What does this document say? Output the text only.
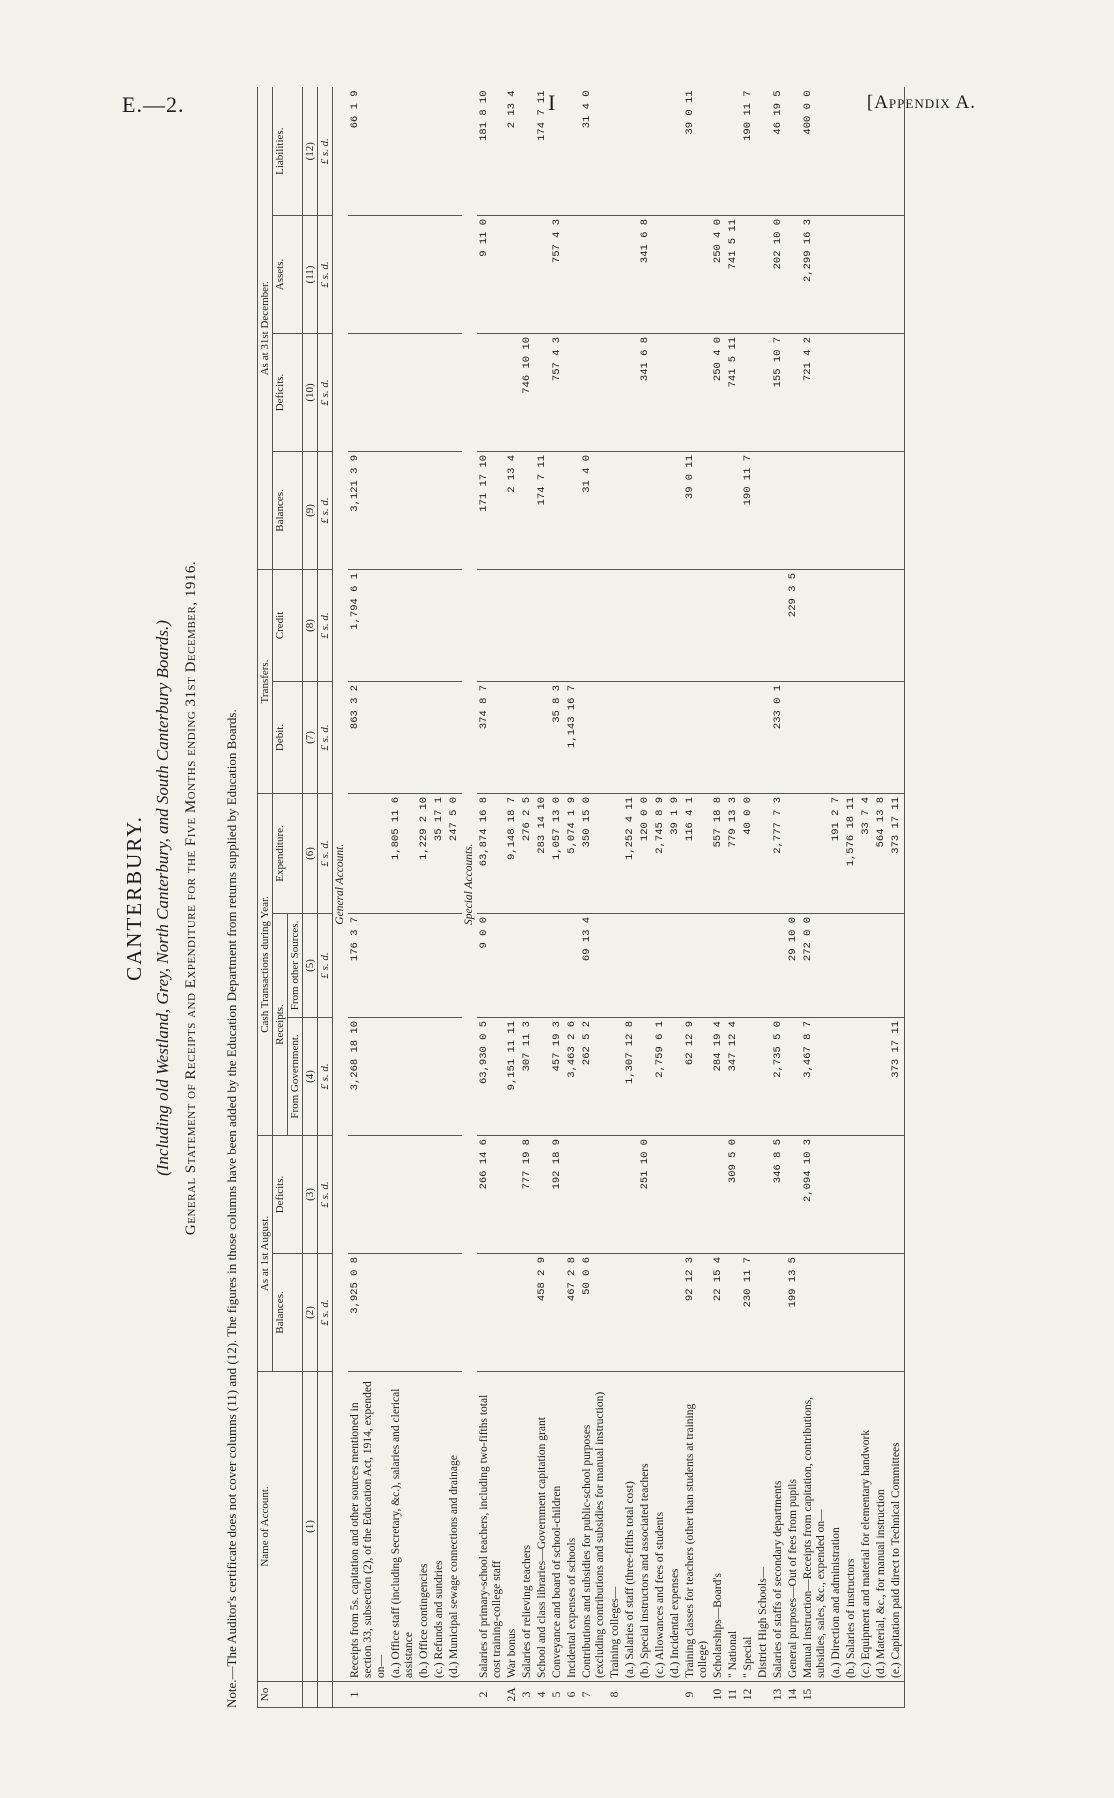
E.—2.	I	[Appendix A.
CANTERBURY. (Including old Westland, Grey, North Canterbury, and South Canterbury Boards.) General Statement of Receipts and Expenditure for the Five Months ending 31st December, 1916. Note.—The Auditor's certificate does not cover columns (11) and (12). The figures in those columns have been added by the Education Department from returns supplied by Education Boards. No	Name of Account.	As at 1st August.		Cash Transactions during Year.			Transfers.		As at 31st December.			
		Balances.	Deficits.	Receipts.		Expenditure.	Debit.	Credit	Balances.	Deficits.	Assets.	Liabilities.
				From Government.	From other Sources.							
	(1)	(2)	(3)	(4)	(5)	(6)	(7)	(8)	(9)	(10)	(11)	(12)
		£ s. d.	£ s. d.	£ s. d.	£ s. d.	£ s. d.	£ s. d.	£ s. d.	£ s. d.	£ s. d.	£ s. d.	£ s. d.
	General Account.											
1	Receipts from 5s. capitation and other sources mentioned in section 33, subsection (2), of the Education Act, 1914, expended on—	3,925 0 8		3,268 18 10	176 3 7		863 3 2	1,794 6 1	3,121 3 9			66 1 9
	(a.) Office staff (including Secretary, &c.), salaries and clerical assistance					1,805 11 6						
	(b.) Office contingencies					1,229 2 10						
	(c.) Refunds and sundries					35 17 1						
	(d.) Municipal sewage connections and drainage					247 5 0						
	Special Accounts.											
2	Salaries of primary-school teachers, including two-fifths total cost training-college staff		266 14 6	63,930 0 5	9 0 0	63,874 16 8	374 8 7		171 17 10		9 11 0	181 8 10
2A	War bonus			9,151 11 11		9,148 18 7			2 13 4			2 13 4
3	Salaries of relieving teachers		777 19 8	307 11 3		276 2 5				746 10 10		
4	School and class libraries—Government capitation grant	458 2 9				283 14 10			174 7 11			174 7 11
5	Conveyance and board of school-children		192 18 9	457 19 3		1,057 13 0	35 8 3			757 4 3	757 4 3	
6	Incidental expenses of schools	467 2 8		3,463 2 6		5,074 1 9	1,143 16 7					
7	Contributions and subsidies for public-school purposes (excluding contributions and subsidies for manual instruction)	50 0 6		262 5 2	69 13 4	350 15 0			31 4 0			31 4 0
8	Training colleges—											
	(a.) Salaries of staff (three-fifths total cost)			1,307 12 8		1,252 4 11						
	(b.) Special instructors and associated teachers		251 10 0			120 0 0				341 6 8	341 6 8	
	(c.) Allowances and fees of students			2,759 6 1		2,745 8 9						
	(d.) Incidental expenses					39 1 9						
9	Training classes for teachers (other than students at training college)	92 12 3		62 12 9		116 4 1			39 0 11			39 0 11
10	Scholarships—Board's	22 15 4		284 19 4		557 18 8				250 4 0	250 4 0	
11	" National		309 5 0	347 12 4		779 13 3				741 5 11	741 5 11	
12	" Special	230 11 7				40 0 0			190 11 7			190 11 7
	District High Schools—											
13	Salaries of staffs of secondary departments		346 8 5	2,735 5 0		2,777 7 3	233 0 1			155 10 7	202 10 0	46 19 5
14	General purposes—Out of fees from pupils	199 13 5			29 10 0			229 3 5				
15	Manual instruction—Receipts from capitation, contributions, subsidies, sales, &c., expended on—		2,094 10 3	3,467 8 7	272 0 0					721 4 2	2,299 16 3	400 0 0
	(a.) Direction and administration					191 2 7						
	(b.) Salaries of instructors					1,576 18 11						
	(c.) Equipment and material for elementary handwork					33 7 4						
	(d.) Material, &c., for manual instruction					564 13 8						
	(e.) Capitation paid direct to Technical Committees			373 17 11		373 17 11						
